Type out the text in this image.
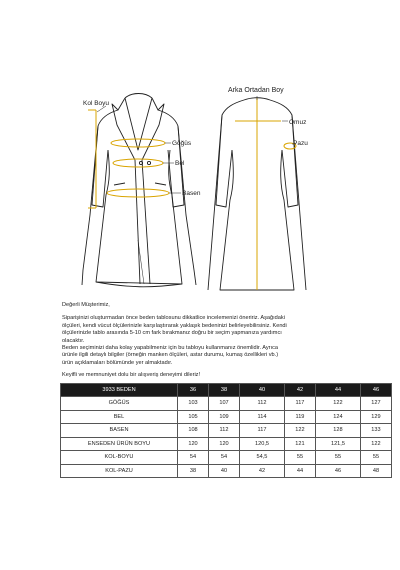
Kol Boyu
Göğüs
Bel
Basen
Arka Ortadan Boy
Omuz
Pazu

Değerli Müşterimiz,

Siparişinizi oluşturmadan önce beden tablosunu dikkatlice incelemenizi öneririz. Aşağıdaki

ölçüleri, kendi vücut ölçülerinizle karşılaştırarak yaklaşık bedeninizi belirleyebilirsiniz. Kendi

ölçülerinizle tablo arasında 5-10 cm fark bırakmanız doğru bir seçim yapmanıza yardımcı

olacaktır.

Beden seçiminizi daha kolay yapabilmeniz için bu tabloyu kullanmanız önemlidir. Ayrıca

ürünle ilgili detaylı bilgiler (örneğin manken ölçüleri, astar durumu, kumaş özellikleri vb.)

ürün açıklamaları bölümünde yer almaktadır.

Keyifli ve memnuniyet dolu bir alışveriş deneyimi dileriz!

3933 BEDEN	36	38	40	42	44	46
GÖĞÜS	103	107	112	117	122	127
BEL	105	109	114	119	124	129
BASEN	108	112	117	122	128	133
ENSEDEN ÜRÜN BOYU	120	120	120,5	121	121,5	122
KOL-BOYU	54	54	54,5	55	55	55
KOL-PAZU	38	40	42	44	46	48
